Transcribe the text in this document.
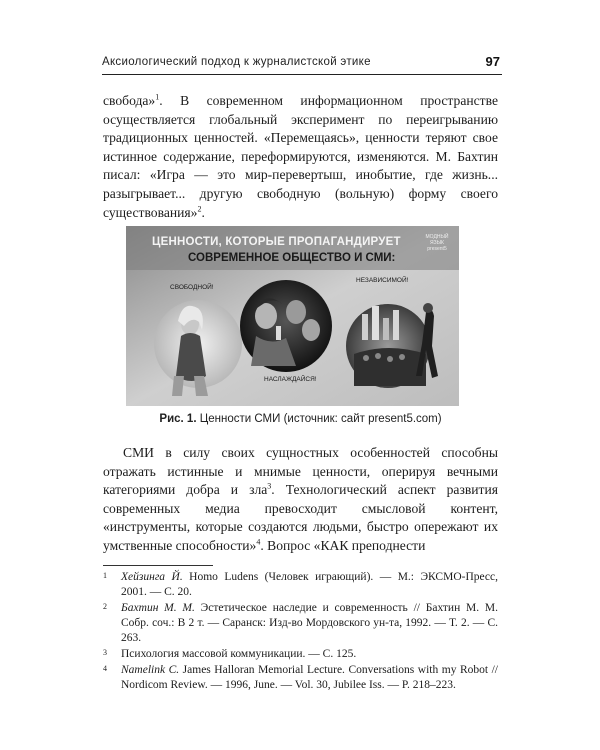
Аксиологический подход к журналистской этике	97

свобода»$^1$. В современном информационном пространстве осуществляется глобальный эксперимент по переигрыванию традиционных ценностей. «Перемещаясь», ценности теряют свое истинное содержание, переформируются, изменяются. М. Бахтин писал: «Игра — это мир-перевертыш, инобытие, где жизнь... разыгрывает... другую свободную (вольную) форму своего существования»$^2$.

ЦЕННОСТИ, КОТОРЫЕ ПРОПАГАНДИРУЕТ
СОВРЕМЕННОЕ ОБЩЕСТВО И СМИ:
СВОБОДНОЙ!
НЕЗАВИСИМОЙ!
НАСЛАЖДАЙСЯ!
МОДНЫЙ ЯЗЫК
present5
Рис. 1. Ценности СМИ (источник: сайт present5.com)

СМИ в силу своих сущностных особенностей способны отражать истинные и мнимые ценности, оперируя вечными категориями добра и зла$^3$. Технологический аспект развития современных медиа превосходит смысловой контент, «инструменты, которые создаются людьми, быстро опережают их умственные способности»$^4$. Вопрос «КАК преподнести

1 Хейзинга Й. Homo Ludens (Человек играющий). — М.: ЭКСМО-Пресс, 2001. — С. 20.

2 Бахтин М. М. Эстетическое наследие и современность // Бахтин М. М. Собр. соч.: В 2 т. — Саранск: Изд-во Мордовского ун-та, 1992. — Т. 2. — С. 263.

3 Психология массовой коммуникации. — С. 125.

4 Namelink C. James Halloran Memorial Lecture. Conversations with my Robot // Nordicom Review. — 1996, June. — Vol. 30, Jubilee Iss. — P. 218–223.
